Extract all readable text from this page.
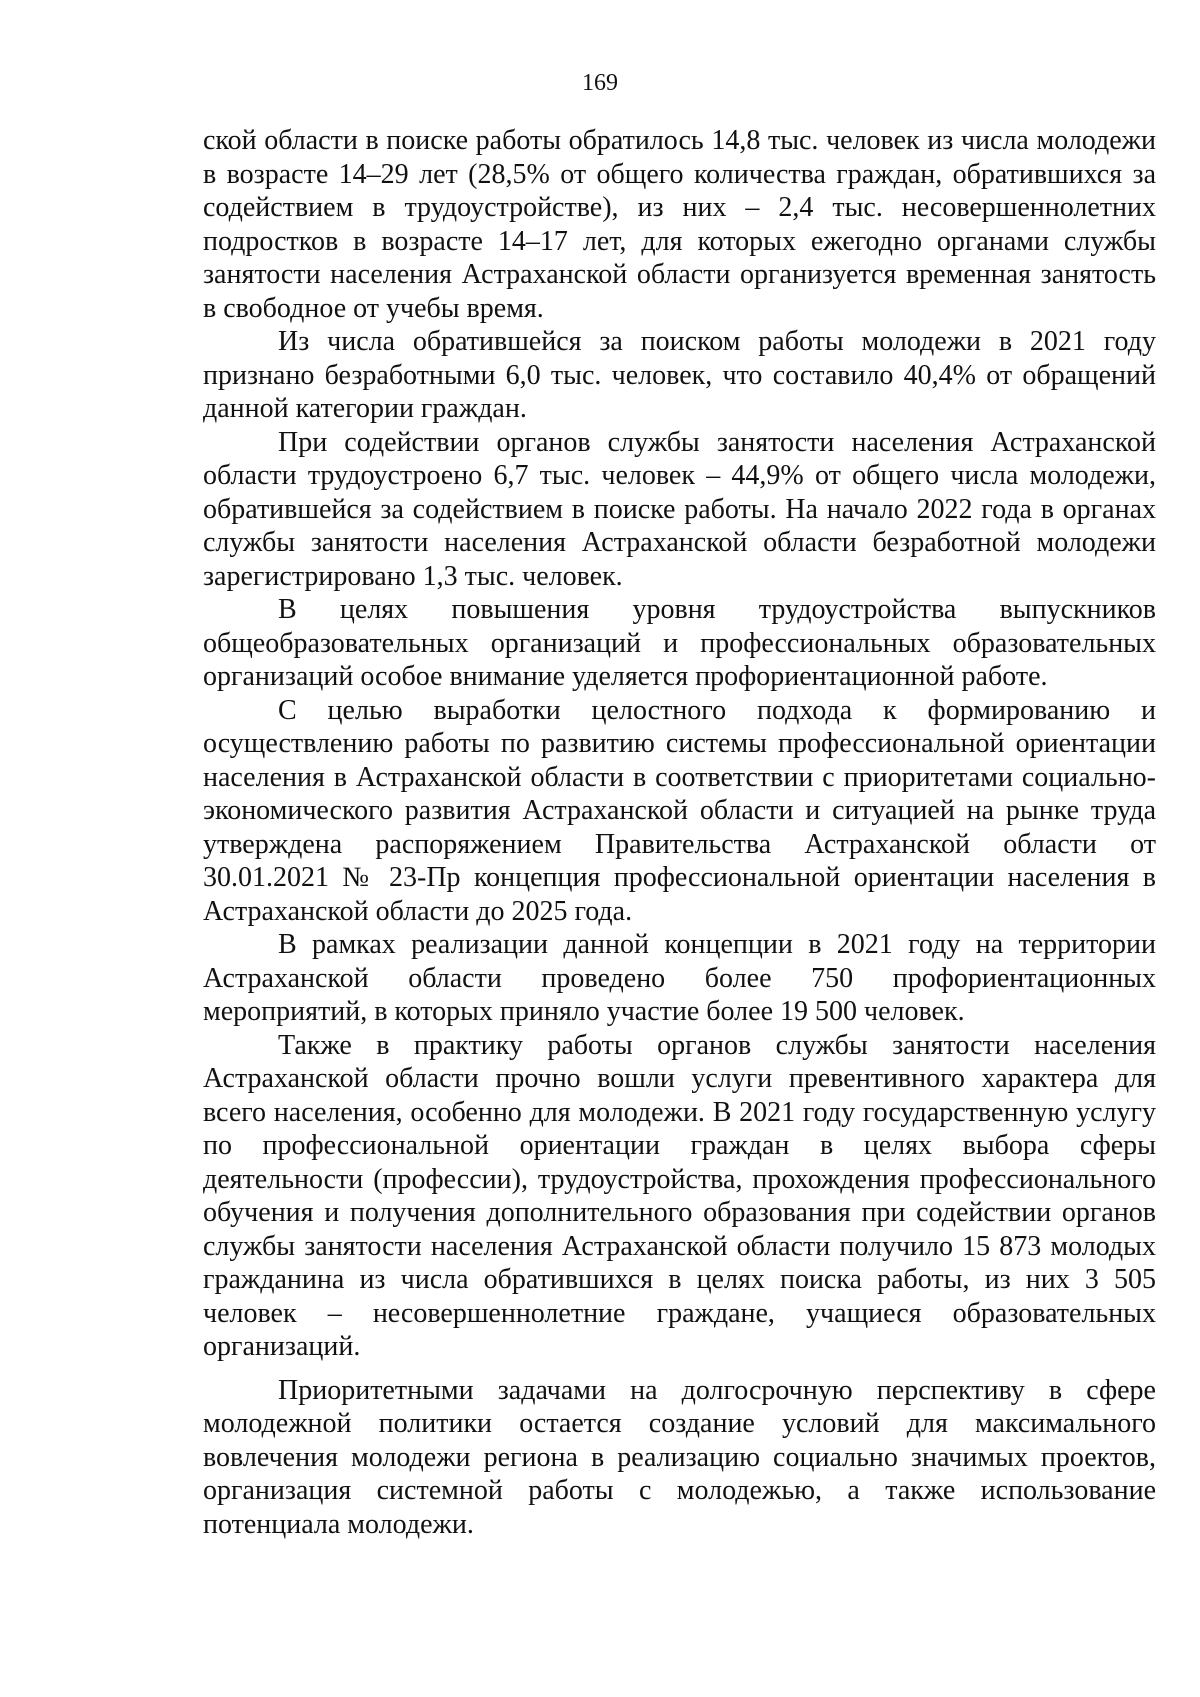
169

ской области в поиске работы обратилось 14,8 тыс. человек из числа молодежи в возрасте 14–29 лет (28,5% от общего количества граждан, обратившихся за содействием в трудоустройстве), из них – 2,4 тыс. несовершеннолетних подростков в возрасте 14–17 лет, для которых ежегодно органами службы занятости населения Астраханской области организуется временная занятость в свободное от учебы время.

Из числа обратившейся за поиском работы молодежи в 2021 году признано безработными 6,0 тыс. человек, что составило 40,4% от обращений данной категории граждан.

При содействии органов службы занятости населения Астраханской области трудоустроено 6,7 тыс. человек – 44,9% от общего числа молодежи, обратившейся за содействием в поиске работы. На начало 2022 года в органах службы занятости населения Астраханской области безработной молодежи зарегистрировано 1,3 тыс. человек.

В целях повышения уровня трудоустройства выпускников общеобразовательных организаций и профессиональных образовательных организаций особое внимание уделяется профориентационной работе.

С целью выработки целостного подхода к формированию и осуществлению работы по развитию системы профессиональной ориентации населения в Астраханской области в соответствии с приоритетами социально-экономического развития Астраханской области и ситуацией на рынке труда утверждена распоряжением Правительства Астраханской области от 30.01.2021 № 23-Пр концепция профессиональной ориентации населения в Астраханской области до 2025 года.

В рамках реализации данной концепции в 2021 году на территории Астраханской области проведено более 750 профориентационных мероприятий, в которых приняло участие более 19 500 человек.

Также в практику работы органов службы занятости населения Астраханской области прочно вошли услуги превентивного характера для всего населения, особенно для молодежи. В 2021 году государственную услугу по профессиональной ориентации граждан в целях выбора сферы деятельности (профессии), трудоустройства, прохождения профессионального обучения и получения дополнительного образования при содействии органов службы занятости населения Астраханской области получило 15 873 молодых гражданина из числа обратившихся в целях поиска работы, из них 3 505 человек – несовершеннолетние граждане, учащиеся образовательных организаций.

Приоритетными задачами на долгосрочную перспективу в сфере молодежной политики остается создание условий для максимального вовлечения молодежи региона в реализацию социально значимых проектов, организация системной работы с молодежью, а также использование потенциала молодежи.
